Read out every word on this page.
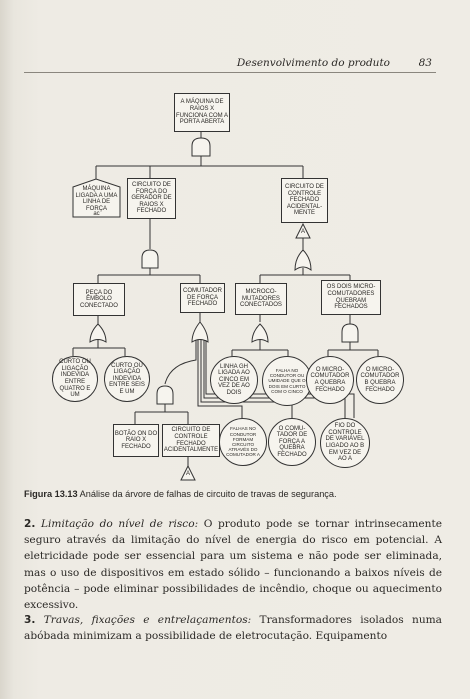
Desenvolvimento do produto	83
A MÁQUINA DE RAIOS X FUNCIONA COM A PORTA ABERTA
MÁQUINA LIGADA A UMA LINHA DE FORÇA
ac
CIRCUITO DE FORÇA DO GERADOR DE RAIOS X FECHADO
CIRCUITO DE CONTROLE FECHADO ACIDENTAL- MENTE
A
PEÇA DO ÊMBOLO CONECTADO
COMUTADOR DE FORÇA FECHADO
MICROCO- MUTADORES CONECTADOS
OS DOIS MICRO- COMUTADORES QUEBRAM FECHADOS
CURTO OU LIGAÇÃO INDEVIDA ENTRE QUATRO E UM
CURTO OU LIGAÇÃO INDEVIDA ENTRE SEIS E UM
LINHA GH LIGADA AO CINCO EM VEZ DE AO DOIS
FALHA NO CONDUTOR OU UMIDADE QUE O DOIS EM CURTO COM O CINCO
O MICRO- COMUTADOR A QUEBRA FECHADO
O MICRO- COMUTADOR B QUEBRA FECHADO
BOTÃO ON DO RAIO X FECHADO
CIRCUITO DE CONTROLE FECHADO ACIDENTALMENTE
A
FALHAS NO CONDUTOR FORMAM CIRCUITO ATRAVÉS DO COMUTADOR A
O COMU- TADOR DE FORÇA A QUEBRA FECHADO
FIO DO CONTROLE DE VARIÁVEL LIGADO AO B EM VEZ DE AO A
Figura 13.13 Análise da árvore de falhas de circuito de travas de segurança.
2. Limitação do nível de risco: O produto pode se tornar intrinsecamente seguro através da limitação do nível de energia do risco em potencial. A eletricidade pode ser essencial para um sistema e não pode ser eliminada, mas o uso de dispositivos em estado sólido – funcionando a baixos níveis de potência – pode eliminar possibilidades de incêndio, choque ou aquecimento excessivo.
3. Travas, fixações e entrelaçamentos: Transformadores isolados numa abóbada minimizam a possibilidade de eletrocutação. Equipamento
